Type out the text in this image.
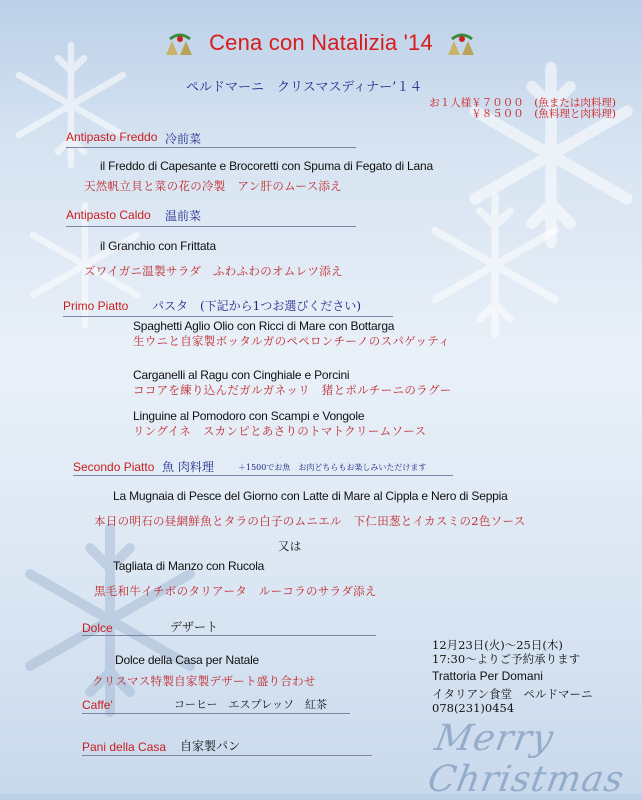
Cena con Natalizia '14
ペルドマーニ　クリスマスディナー’１４
お１人様￥７０００　(魚または肉料理)
￥８５００　(魚料理と肉料理)
Antipasto Freddo 冷前菜
il Freddo di Capesante e Brocoretti con Spuma di Fegato di Lana
天然帆立貝と菜の花の冷製　アン肝のムース添え
Antipasto Caldo 温前菜
il Granchio con Frittata
ズワイガニ温製サラダ　ふわふわのオムレツ添え
Primo Piatto パスタ　(下記から1つお選びください)
Spaghetti Aglio Olio con Ricci di Mare con Bottarga
生ウニと自家製ボッタルガのペペロンチーノのスパゲッティ
Carganelli al Ragu con Cinghiale e Porcini
ココアを練り込んだガルガネッリ　猪とポルチーニのラグー
Linguine al Pomodoro con Scampi e Vongole
リングイネ　スカンピとあさりのトマトクリームソース
Secondo Piatto 魚 肉料理	＋1500でお魚　お肉どちらもお楽しみいただけます
La Mugnaia di Pesce del Giorno con Latte di Mare al Cippla e Nero di Seppia
本日の明石の昼網鮮魚とタラの白子のムニエル　下仁田葱とイカスミの2色ソース
又は
Tagliata di Manzo con Rucola
黒毛和牛イチボのタリアータ　ルーコラのサラダ添え
Dolce	デザート
Dolce della Casa per Natale
クリスマス特製自家製デザート盛り合わせ
Caffe'	コーヒー　エスプレッソ　紅茶
Pani della Casa 自家製パン
12月23日(火)～25日(木)
17:30～よりご予約承ります
Trattoria Per Domani
イタリアン食堂　ペルドマーニ
078(231)0454
Merry Christmas
